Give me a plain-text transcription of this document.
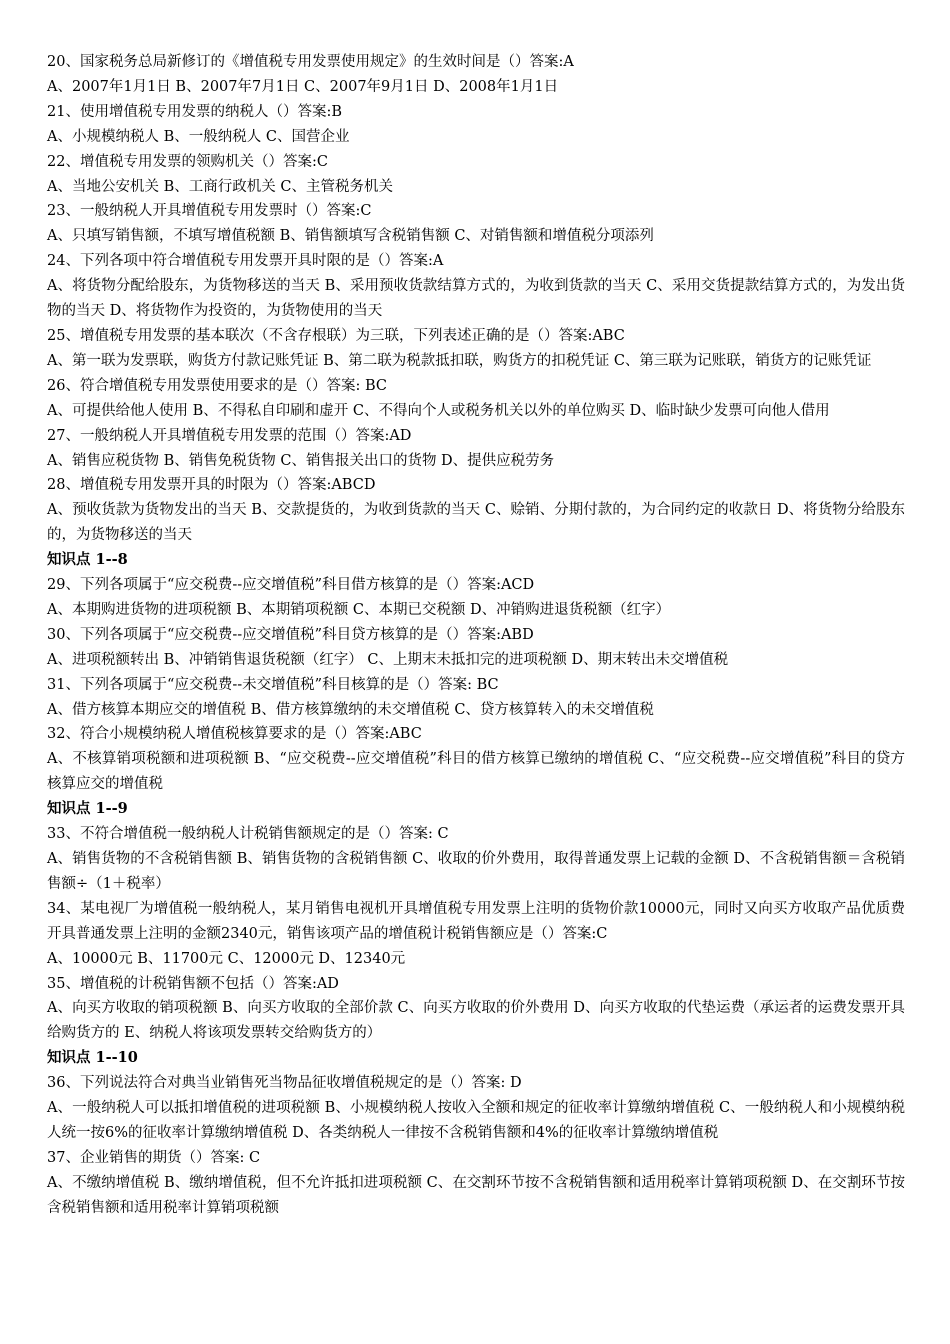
20、国家税务总局新修订的《增值税专用发票使用规定》的生效时间是（）答案:A

A、2007年1月1日 B、2007年7月1日 C、2007年9月1日 D、2008年1月1日

21、使用增值税专用发票的纳税人（）答案:B

A、小规模纳税人 B、一般纳税人 C、国营企业

22、增值税专用发票的领购机关（）答案:C

A、当地公安机关 B、工商行政机关 C、主管税务机关

23、一般纳税人开具增值税专用发票时（）答案:C

A、只填写销售额，不填写增值税额 B、销售额填写含税销售额 C、对销售额和增值税分项添列

24、下列各项中符合增值税专用发票开具时限的是（）答案:A

A、将货物分配给股东，为货物移送的当天 B、采用预收货款结算方式的，为收到货款的当天 C、采用交货提款结算方式的，为发出货物的当天 D、将货物作为投资的，为货物使用的当天

25、增值税专用发票的基本联次（不含存根联）为三联，下列表述正确的是（）答案:ABC

A、第一联为发票联，购货方付款记账凭证 B、第二联为税款抵扣联，购货方的扣税凭证 C、第三联为记账联，销货方的记账凭证

26、符合增值税专用发票使用要求的是（）答案: BC

A、可提供给他人使用 B、不得私自印刷和虚开 C、不得向个人或税务机关以外的单位购买 D、临时缺少发票可向他人借用

27、一般纳税人开具增值税专用发票的范围（）答案:AD

A、销售应税货物 B、销售免税货物 C、销售报关出口的货物 D、提供应税劳务

28、增值税专用发票开具的时限为（）答案:ABCD

A、预收货款为货物发出的当天 B、交款提货的，为收到货款的当天 C、赊销、分期付款的，为合同约定的收款日 D、将货物分给股东的，为货物移送的当天

知识点 1--8

29、下列各项属于“应交税费--应交增值税”科目借方核算的是（）答案:ACD

A、本期购进货物的进项税额 B、本期销项税额 C、本期已交税额 D、冲销购进退货税额（红字）

30、下列各项属于“应交税费--应交增值税”科目贷方核算的是（）答案:ABD

A、进项税额转出 B、冲销销售退货税额（红字） C、上期末未抵扣完的进项税额 D、期末转出未交增值税

31、下列各项属于“应交税费--未交增值税”科目核算的是（）答案: BC

A、借方核算本期应交的增值税 B、借方核算缴纳的未交增值税 C、贷方核算转入的未交增值税

32、符合小规模纳税人增值税核算要求的是（）答案:ABC

A、不核算销项税额和进项税额 B、“应交税费--应交增值税”科目的借方核算已缴纳的增值税 C、“应交税费--应交增值税”科目的贷方核算应交的增值税

知识点 1--9

33、不符合增值税一般纳税人计税销售额规定的是（）答案: C

A、销售货物的不含税销售额 B、销售货物的含税销售额 C、收取的价外费用，取得普通发票上记载的金额 D、不含税销售额＝含税销售额÷（1＋税率）

34、某电视厂为增值税一般纳税人，某月销售电视机开具增值税专用发票上注明的货物价款10000元，同时又向买方收取产品优质费开具普通发票上注明的金额2340元，销售该项产品的增值税计税销售额应是（）答案:C

A、10000元 B、11700元 C、12000元 D、12340元

35、增值税的计税销售额不包括（）答案:AD

A、向买方收取的销项税额 B、向买方收取的全部价款 C、向买方收取的价外费用 D、向买方收取的代垫运费（承运者的运费发票开具给购货方的 E、纳税人将该项发票转交给购货方的）

知识点 1--10

36、下列说法符合对典当业销售死当物品征收增值税规定的是（）答案: D

A、一般纳税人可以抵扣增值税的进项税额 B、小规模纳税人按收入全额和规定的征收率计算缴纳增值税 C、一般纳税人和小规模纳税人统一按6%的征收率计算缴纳增值税 D、各类纳税人一律按不含税销售额和4%的征收率计算缴纳增值税

37、企业销售的期货（）答案: C

A、不缴纳增值税 B、缴纳增值税，但不允许抵扣进项税额 C、在交割环节按不含税销售额和适用税率计算销项税额 D、在交割环节按含税销售额和适用税率计算销项税额
